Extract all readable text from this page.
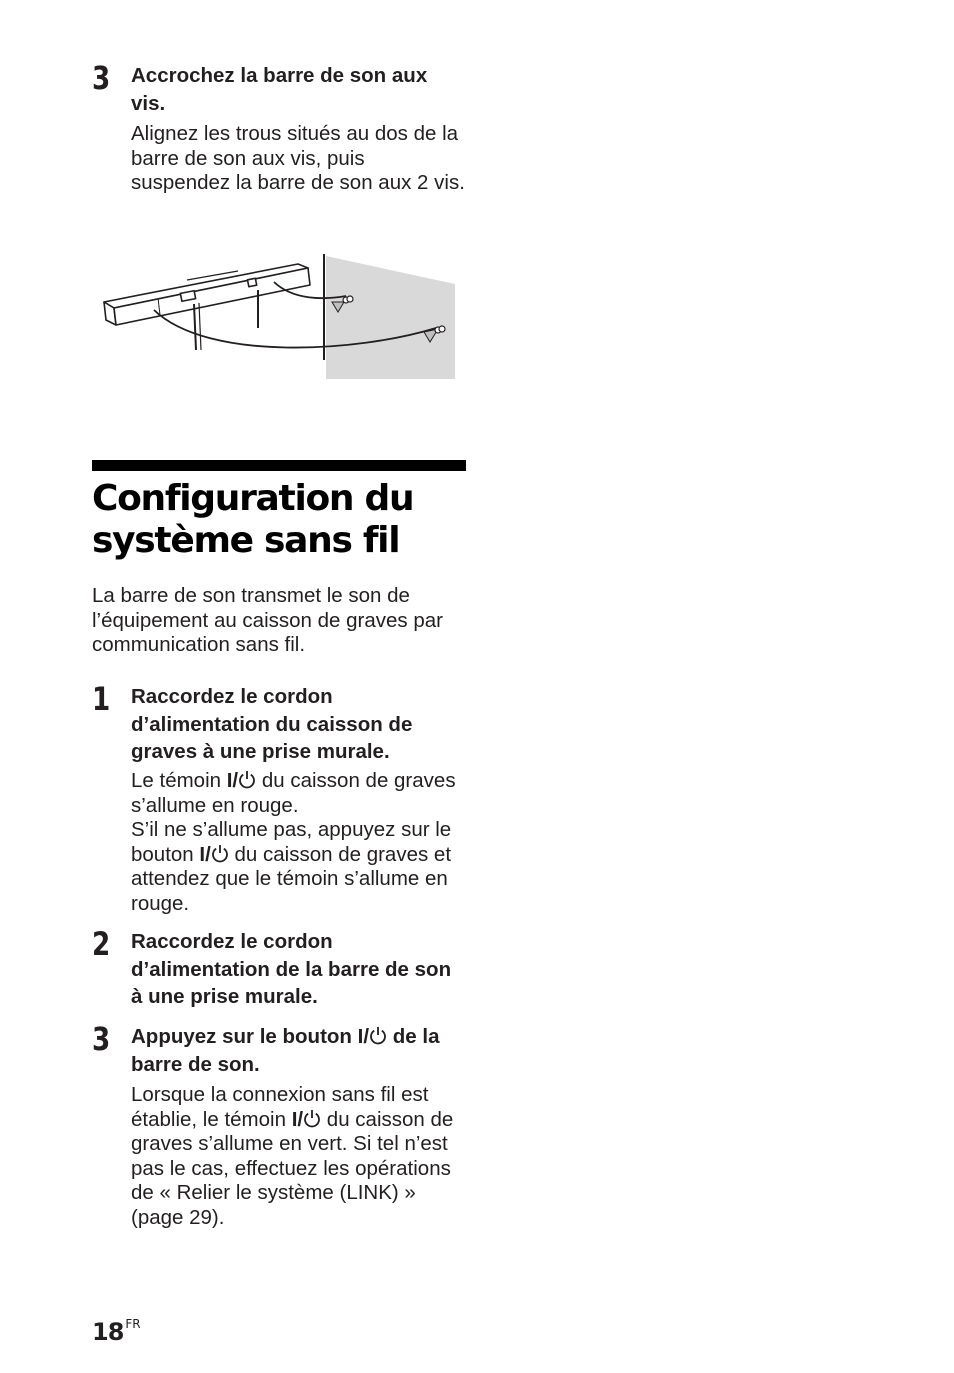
3 Accrochez la barre de son aux vis.

Alignez les trous situés au dos de la barre de son aux vis, puis suspendez la barre de son aux 2 vis.

Configuration du
système sans fil

La barre de son transmet le son de l’équipement au caisson de graves par communication sans fil.

1 Raccordez le cordon d’alimentation du caisson de graves à une prise murale.

Le témoin I/ du caisson de graves s’allume en rouge.
S’il ne s’allume pas, appuyez sur le bouton I/ du caisson de graves et attendez que le témoin s’allume en rouge.

2 Raccordez le cordon d’alimentation de la barre de son à une prise murale.

3 Appuyez sur le bouton I/ de la barre de son.

Lorsque la connexion sans fil est établie, le témoin I/ du caisson de graves s’allume en vert. Si tel n’est pas le cas, effectuez les opérations de « Relier le système (LINK) » (page 29).

18 $^{FR}$
